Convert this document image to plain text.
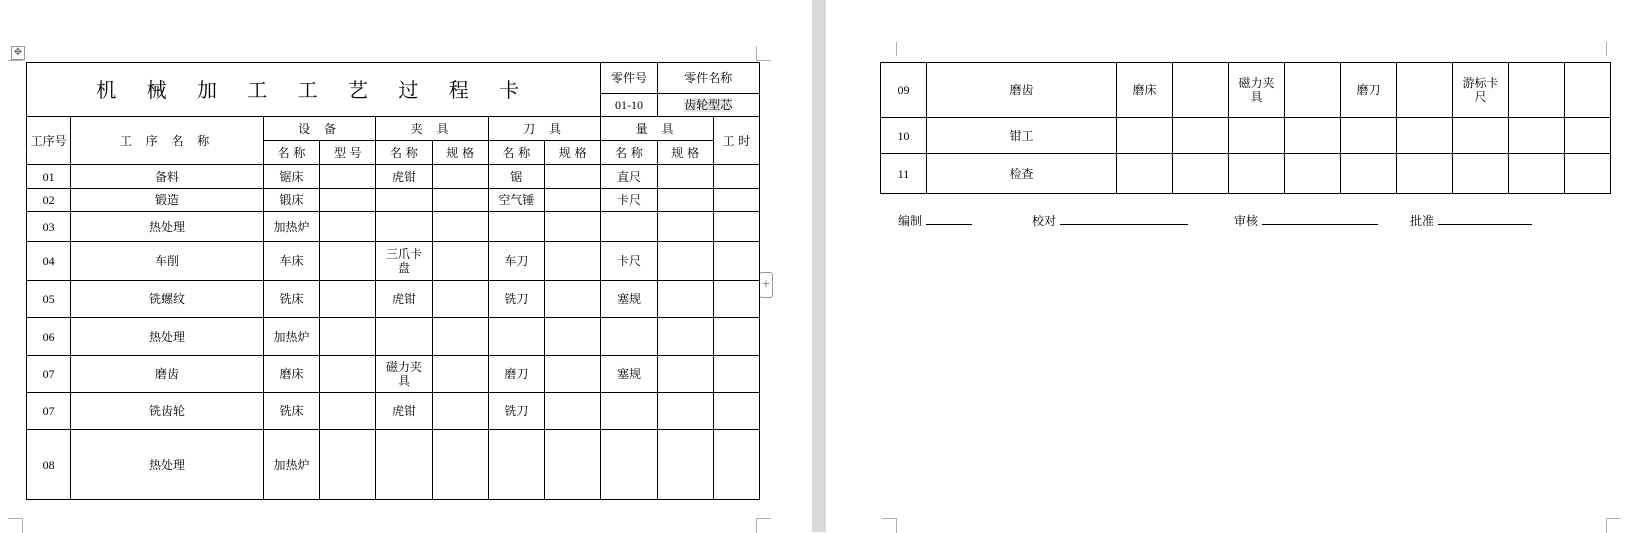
✥
+
机 械 加 工 工 艺 过 程 卡								零件号	零件名称	
								01-10	齿轮型芯	
工序号	工 序 名 称	设 备		夹 具		刀 具		量 具		工 时
		名 称	型 号	名 称	规 格	名 称	规 格	名 称	规 格	
01	备料	锯床		虎钳		锯		直尺		
02	锻造	锻床				空气锤		卡尺		
03	热处理	加热炉								
04	车削	车床		三爪卡盘		车刀		卡尺		
05	铣螺纹	铣床		虎钳		铣刀		塞规		
06	热处理	加热炉								
07	磨齿	磨床		磁力夹具		磨刀		塞规		
07	铣齿轮	铣床		虎钳		铣刀				
08	热处理	加热炉								
09	磨齿	磨床		磁力夹具		磨刀		游标卡尺		
10	钳工									
11	检查									
编制	校对	审核	批准
